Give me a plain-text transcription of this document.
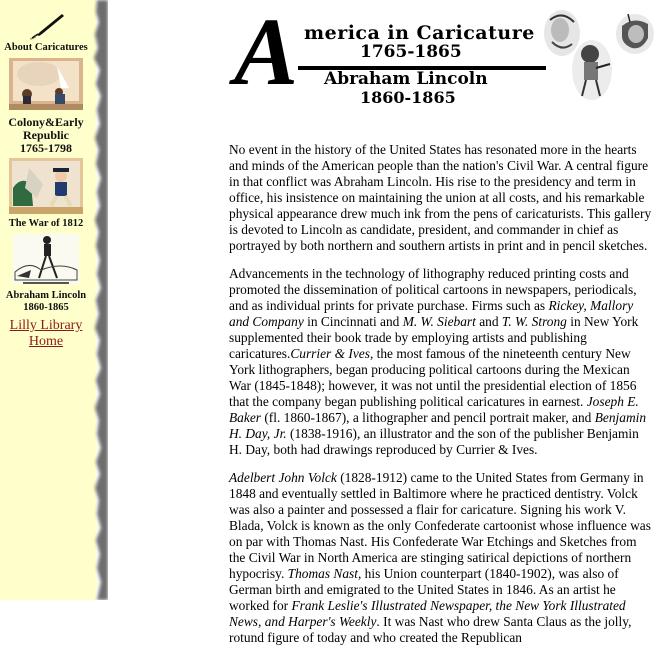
About Caricatures
Colony&Early
Republic
1765-1798
The War of 1812
Abraham Lincoln
1860-1865
Lilly Library
Home
A merica in Caricature
1765-1865
Abraham Lincoln
1860-1865

No event in the history of the United States has resonated more in the hearts and minds of the American people than the nation's Civil War. A central figure in that conflict was Abraham Lincoln. His rise to the presidency and term in office, his insistence on maintaining the union at all costs, and his remarkable physical appearance drew much ink from the pens of caricaturists. This gallery is devoted to Lincoln as candidate, president, and commander in chief as portrayed by both northern and southern artists in print and in pencil sketches.

Advancements in the technology of lithography reduced printing costs and promoted the dissemination of political cartoons in newspapers, periodicals, and as individual prints for private purchase. Firms such as Rickey, Mallory and Company in Cincinnati and M. W. Siebart and T. W. Strong in New York supplemented their book trade by employing artists and publishing caricatures.Currier & Ives, the most famous of the nineteenth century New York lithographers, began producing political cartoons during the Mexican War (1845-1848); however, it was not until the presidential election of 1856 that the company began publishing political caricatures in earnest. Joseph E. Baker (fl. 1860-1867), a lithographer and pencil portrait maker, and Benjamin H. Day, Jr. (1838-1916), an illustrator and the son of the publisher Benjamin H. Day, both had drawings reproduced by Currier & Ives.

Adelbert John Volck (1828-1912) came to the United States from Germany in 1848 and eventually settled in Baltimore where he practiced dentistry. Volck was also a painter and possessed a flair for caricature. Signing his work V. Blada, Volck is known as the only Confederate cartoonist whose influence was on par with Thomas Nast. His Confederate War Etchings and Sketches from the Civil War in North America are stinging satirical depictions of northern hypocrisy. Thomas Nast, his Union counterpart (1840-1902), was also of German birth and emigrated to the United States in 1846. As an artist he worked for Frank Leslie's Illustrated Newspaper, the New York Illustrated News, and Harper's Weekly. It was Nast who drew Santa Claus as the jolly, rotund figure of today and who created the Republican
